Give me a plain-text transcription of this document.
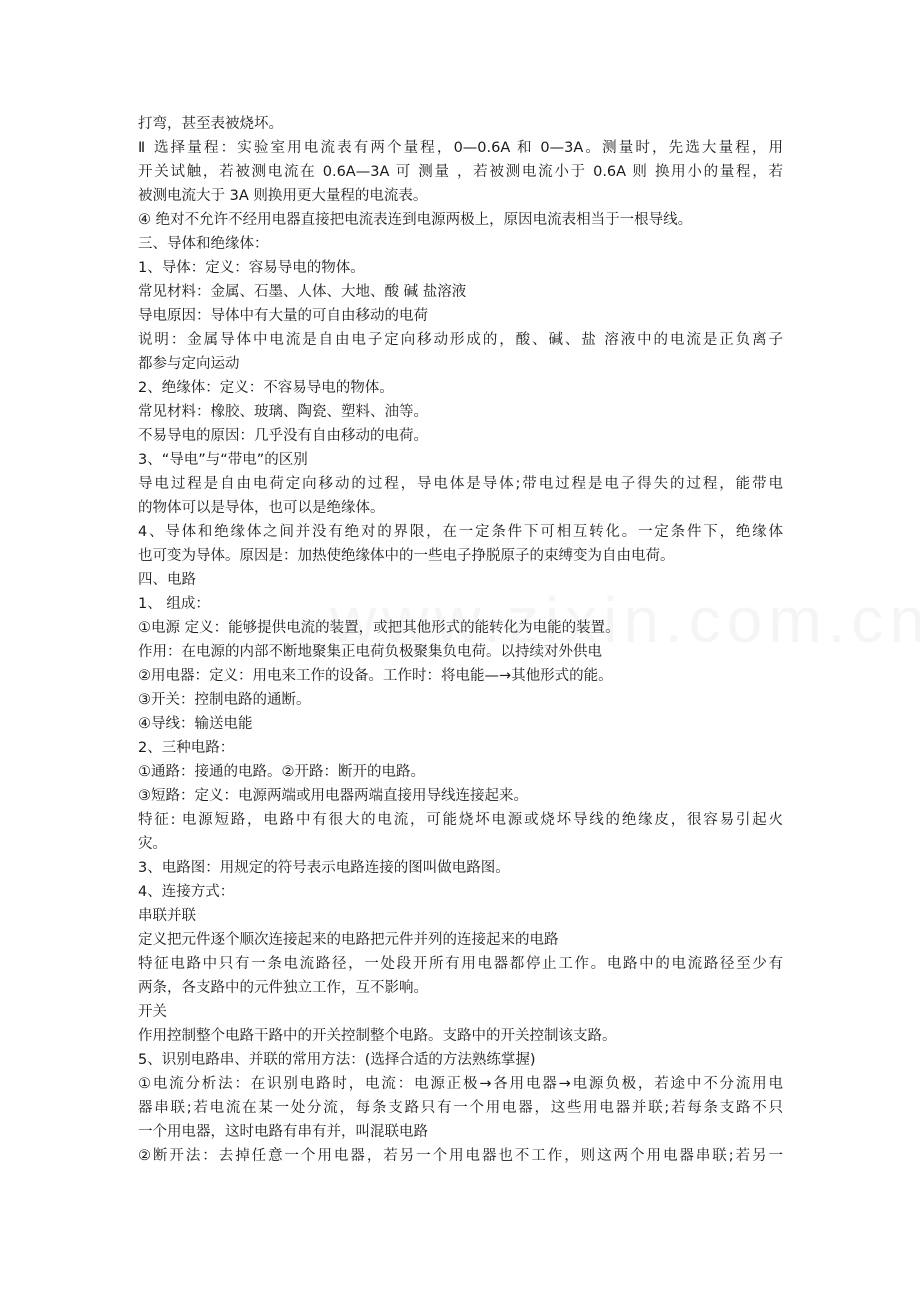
打弯，甚至表被烧坏。
Ⅱ 选择量程：实验室用电流表有两个量程，0—0.6A 和 0—3A。测量时，先选大量程，用
开关试触，若被测电流在 0.6A—3A 可 测量 ，若被测电流小于 0.6A 则 换用小的量程，若
被测电流大于 3A 则换用更大量程的电流表。
④ 绝对不允许不经用电器直接把电流表连到电源两极上，原因电流表相当于一根导线。
三、导体和绝缘体：
1、导体：定义：容易导电的物体。
常见材料：金属、石墨、人体、大地、酸 碱 盐溶液
导电原因：导体中有大量的可自由移动的电荷
说明：金属导体中电流是自由电子定向移动形成的，酸、碱、盐 溶液中的电流是正负离子
都参与定向运动
2、绝缘体：定义：不容易导电的物体。
常见材料：橡胶、玻璃、陶瓷、塑料、油等。
不易导电的原因：几乎没有自由移动的电荷。
3、“导电”与“带电”的区别
导电过程是自由电荷定向移动的过程，导电体是导体;带电过程是电子得失的过程，能带电
的物体可以是导体，也可以是绝缘体。
4、导体和绝缘体之间并没有绝对的界限，在一定条件下可相互转化。一定条件下，绝缘体
也可变为导体。原因是：加热使绝缘体中的一些电子挣脱原子的束缚变为自由电荷。
四、电路
1、 组成：
①电源 定义：能够提供电流的装置，或把其他形式的能转化为电能的装置。
作用：在电源的内部不断地聚集正电荷负极聚集负电荷。以持续对外供电
②用电器：定义：用电来工作的设备。工作时：将电能—→其他形式的能。
③开关：控制电路的通断。
④导线：输送电能
2、三种电路：
①通路：接通的电路。②开路：断开的电路。
③短路：定义：电源两端或用电器两端直接用导线连接起来。
特征: 电源短路，电路中有很大的电流，可能烧坏电源或烧坏导线的绝缘皮，很容易引起火
灾。
3、电路图：用规定的符号表示电路连接的图叫做电路图。
4、连接方式：
串联并联
定义把元件逐个顺次连接起来的电路把元件并列的连接起来的电路
特征电路中只有一条电流路径，一处段开所有用电器都停止工作。电路中的电流路径至少有
两条，各支路中的元件独立工作，互不影响。
开关
作用控制整个电路干路中的开关控制整个电路。支路中的开关控制该支路。
5、识别电路串、并联的常用方法：(选择合适的方法熟练掌握)
①电流分析法：在识别电路时，电流：电源正极→各用电器→电源负极，若途中不分流用电
器串联;若电流在某一处分流，每条支路只有一个用电器，这些用电器并联;若每条支路不只
一个用电器，这时电路有串有并，叫混联电路
②断开法：去掉任意一个用电器，若另一个用电器也不工作，则这两个用电器串联;若另一
